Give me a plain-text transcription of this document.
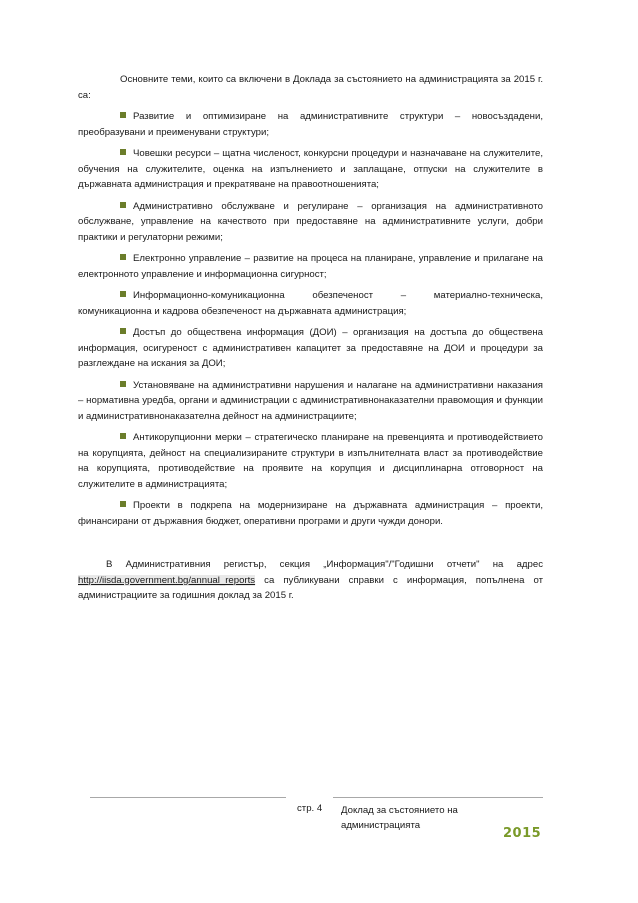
Основните теми, които са включени в Доклада за състоянието на администрацията за 2015 г. са:

Развитие и оптимизиране на административните структури – новосъздадени, преобразувани и преименувани структури;

Човешки ресурси – щатна численост, конкурсни процедури и назначаване на служителите, обучения на служителите, оценка на изпълнението и заплащане, отпуски на служителите в държавната администрация и прекратяване на правоотношенията;

Административно обслужване и регулиране – организация на административното обслужване, управление на качеството при предоставяне на административните услуги, добри практики и регулаторни режими;

Електронно управление – развитие на процеса на планиране, управление и прилагане на електронното управление и информационна сигурност;

Информационно-комуникационна обезпеченост – материално-техническа, комуникационна и кадрова обезпеченост на държавната администрация;

Достъп до обществена информация (ДОИ) – организация на достъпа до обществена информация, осигуреност с административен капацитет за предоставяне на ДОИ и процедури за разглеждане на искания за ДОИ;

Установяване на административни нарушения и налагане на административни наказания – нормативна уредба, органи и администрации с административнонаказателни правомощия и функции и административнонаказателна дейност на администрациите;

Антикорупционни мерки – стратегическо планиране на превенцията и противодействието на корупцията, дейност на специализираните структури в изпълнителната власт за противодействие на корупцията, противодействие на проявите на корупция и дисциплинарна отговорност на служителите в администрацията;

Проекти в подкрепа на модернизиране на държавната администрация – проекти, финансирани от държавния бюджет, оперативни програми и други чужди донори.

В Административния регистър, секция „Информация"/"Годишни отчети" на адрес http://iisda.government.bg/annual_reports са публикувани справки с информация, попълнена от администрациите за годишния доклад за 2015 г.

стр. 4 Доклад за състоянието на администрацията
2015
